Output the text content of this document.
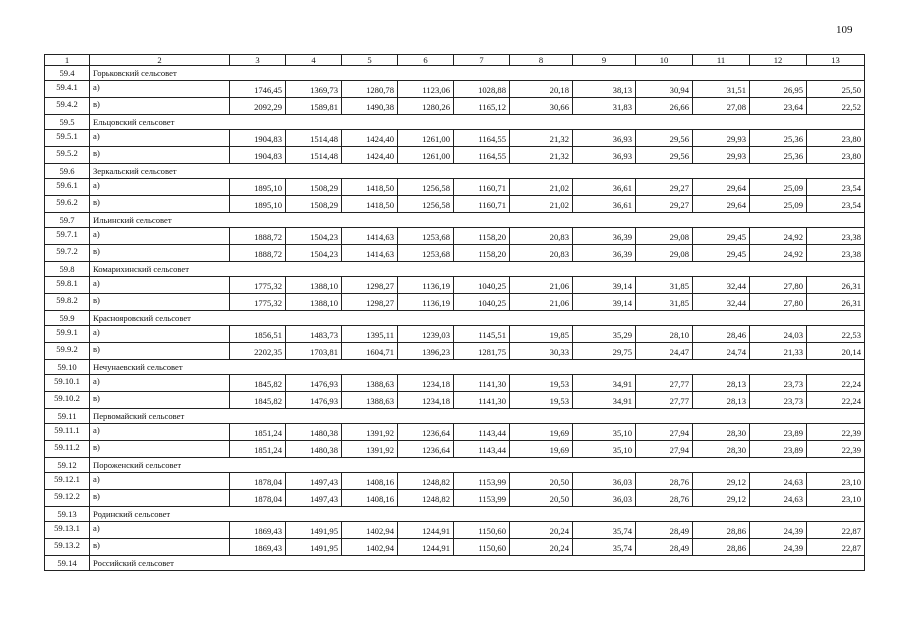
109
1	2	3	4	5	6	7	8	9	10	11	12	13
59.4	Горьковский сельсовет											
59.4.1	а)	1746,45	1369,73	1280,78	1123,06	1028,88	20,18	38,13	30,94	31,51	26,95	25,50
59.4.2	в)	2092,29	1589,81	1490,38	1280,26	1165,12	30,66	31,83	26,66	27,08	23,64	22,52
59.5	Ельцовский сельсовет											
59.5.1	а)	1904,83	1514,48	1424,40	1261,00	1164,55	21,32	36,93	29,56	29,93	25,36	23,80
59.5.2	в)	1904,83	1514,48	1424,40	1261,00	1164,55	21,32	36,93	29,56	29,93	25,36	23,80
59.6	Зеркальский сельсовет											
59.6.1	а)	1895,10	1508,29	1418,50	1256,58	1160,71	21,02	36,61	29,27	29,64	25,09	23,54
59.6.2	в)	1895,10	1508,29	1418,50	1256,58	1160,71	21,02	36,61	29,27	29,64	25,09	23,54
59.7	Ильинский сельсовет											
59.7.1	а)	1888,72	1504,23	1414,63	1253,68	1158,20	20,83	36,39	29,08	29,45	24,92	23,38
59.7.2	в)	1888,72	1504,23	1414,63	1253,68	1158,20	20,83	36,39	29,08	29,45	24,92	23,38
59.8	Комарихинский сельсовет											
59.8.1	а)	1775,32	1388,10	1298,27	1136,19	1040,25	21,06	39,14	31,85	32,44	27,80	26,31
59.8.2	в)	1775,32	1388,10	1298,27	1136,19	1040,25	21,06	39,14	31,85	32,44	27,80	26,31
59.9	Краснояровский сельсовет											
59.9.1	а)	1856,51	1483,73	1395,11	1239,03	1145,51	19,85	35,29	28,10	28,46	24,03	22,53
59.9.2	в)	2202,35	1703,81	1604,71	1396,23	1281,75	30,33	29,75	24,47	24,74	21,33	20,14
59.10	Нечунаевский сельсовет											
59.10.1	а)	1845,82	1476,93	1388,63	1234,18	1141,30	19,53	34,91	27,77	28,13	23,73	22,24
59.10.2	в)	1845,82	1476,93	1388,63	1234,18	1141,30	19,53	34,91	27,77	28,13	23,73	22,24
59.11	Первомайский сельсовет											
59.11.1	а)	1851,24	1480,38	1391,92	1236,64	1143,44	19,69	35,10	27,94	28,30	23,89	22,39
59.11.2	в)	1851,24	1480,38	1391,92	1236,64	1143,44	19,69	35,10	27,94	28,30	23,89	22,39
59.12	Пороженский сельсовет											
59.12.1	а)	1878,04	1497,43	1408,16	1248,82	1153,99	20,50	36,03	28,76	29,12	24,63	23,10
59.12.2	в)	1878,04	1497,43	1408,16	1248,82	1153,99	20,50	36,03	28,76	29,12	24,63	23,10
59.13	Родинский сельсовет											
59.13.1	а)	1869,43	1491,95	1402,94	1244,91	1150,60	20,24	35,74	28,49	28,86	24,39	22,87
59.13.2	в)	1869,43	1491,95	1402,94	1244,91	1150,60	20,24	35,74	28,49	28,86	24,39	22,87
59.14	Российский сельсовет											
